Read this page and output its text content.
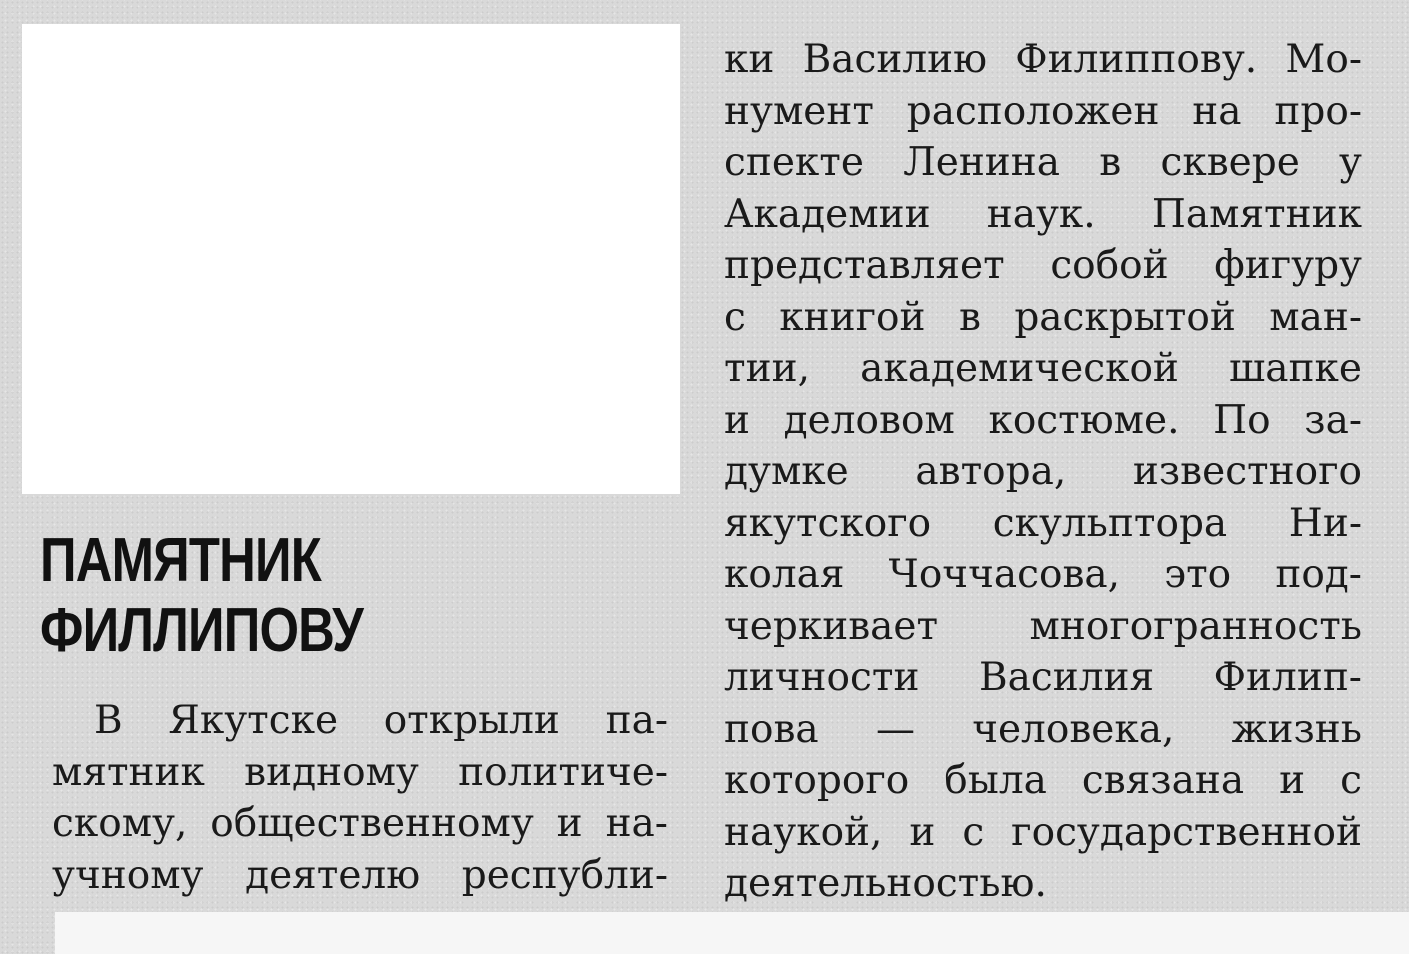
ПАМЯТНИК
ФИЛЛИПОВУ
В Якутске открыли па-
мятник видному политиче-
скому, общественному и на-
учному деятелю республи-
ки Василию Филиппову. Мо-
нумент расположен на про-
спекте Ленина в сквере у
Академии наук. Памятник
представляет собой фигуру
с книгой в раскрытой ман-
тии, академической шапке
и деловом костюме. По за-
думке автора, известного
якутского скульптора Ни-
колая Чоччасова, это под-
черкивает многогранность
личности Василия Филип-
пова — человека, жизнь
которого была связана и с
наукой, и с государственной
деятельностью.
